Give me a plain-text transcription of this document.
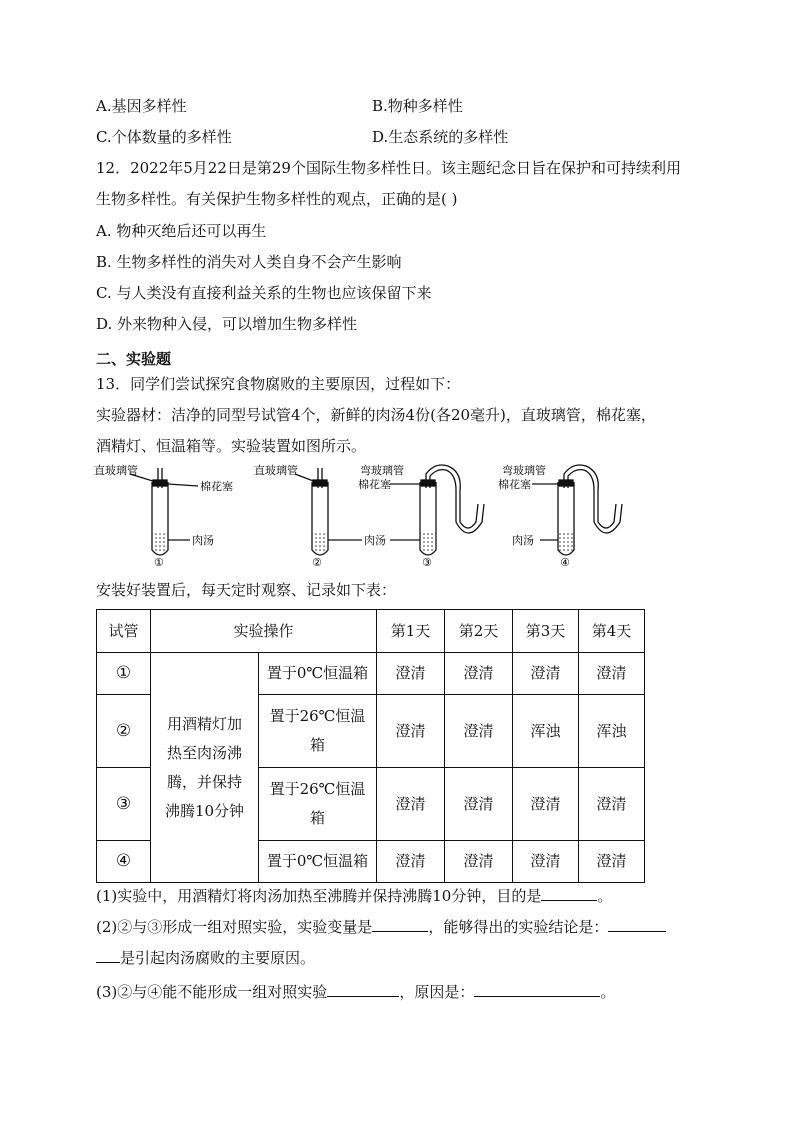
A.基因多样性	B.物种多样性
C.个体数量的多样性	D.生态系统的多样性
12．2022年5月22日是第29个国际生物多样性日。该主题纪念日旨在保护和可持续利用
生物多样性。有关保护生物多样性的观点，正确的是( )
A. 物种灭绝后还可以再生
B. 生物多样性的消失对人类自身不会产生影响
C. 与人类没有直接利益关系的生物也应该保留下来
D. 外来物种入侵，可以增加生物多样性
二、实验题
13．同学们尝试探究食物腐败的主要原因，过程如下：
实验器材：洁净的同型号试管4个，新鲜的肉汤4份(各20毫升)，直玻璃管，棉花塞，
酒精灯、恒温箱等。实验装置如图所示。
直玻璃管
棉花塞
肉汤
①
直玻璃管
②
弯玻璃管
棉花塞
肉汤
③
弯玻璃管
棉花塞
肉汤
④
安装好装置后，每天定时观察、记录如下表：
试管	实验操作		第1天	第2天	第3天	第4天
①	用酒精灯加
热至肉汤沸
腾，并保持
沸腾10分钟	置于0℃恒温箱	澄清	澄清	澄清	澄清
②		置于26℃恒温
箱	澄清	澄清	浑浊	浑浊
③		置于26℃恒温
箱	澄清	澄清	澄清	澄清
④		置于0℃恒温箱	澄清	澄清	澄清	澄清
(1)实验中，用酒精灯将肉汤加热至沸腾并保持沸腾10分钟，目的是	。
(2)②与③形成一组对照实验，实验变量是	，能够得出的实验结论是：
是引起肉汤腐败的主要原因。
(3)②与④能不能形成一组对照实验	，原因是：	。
